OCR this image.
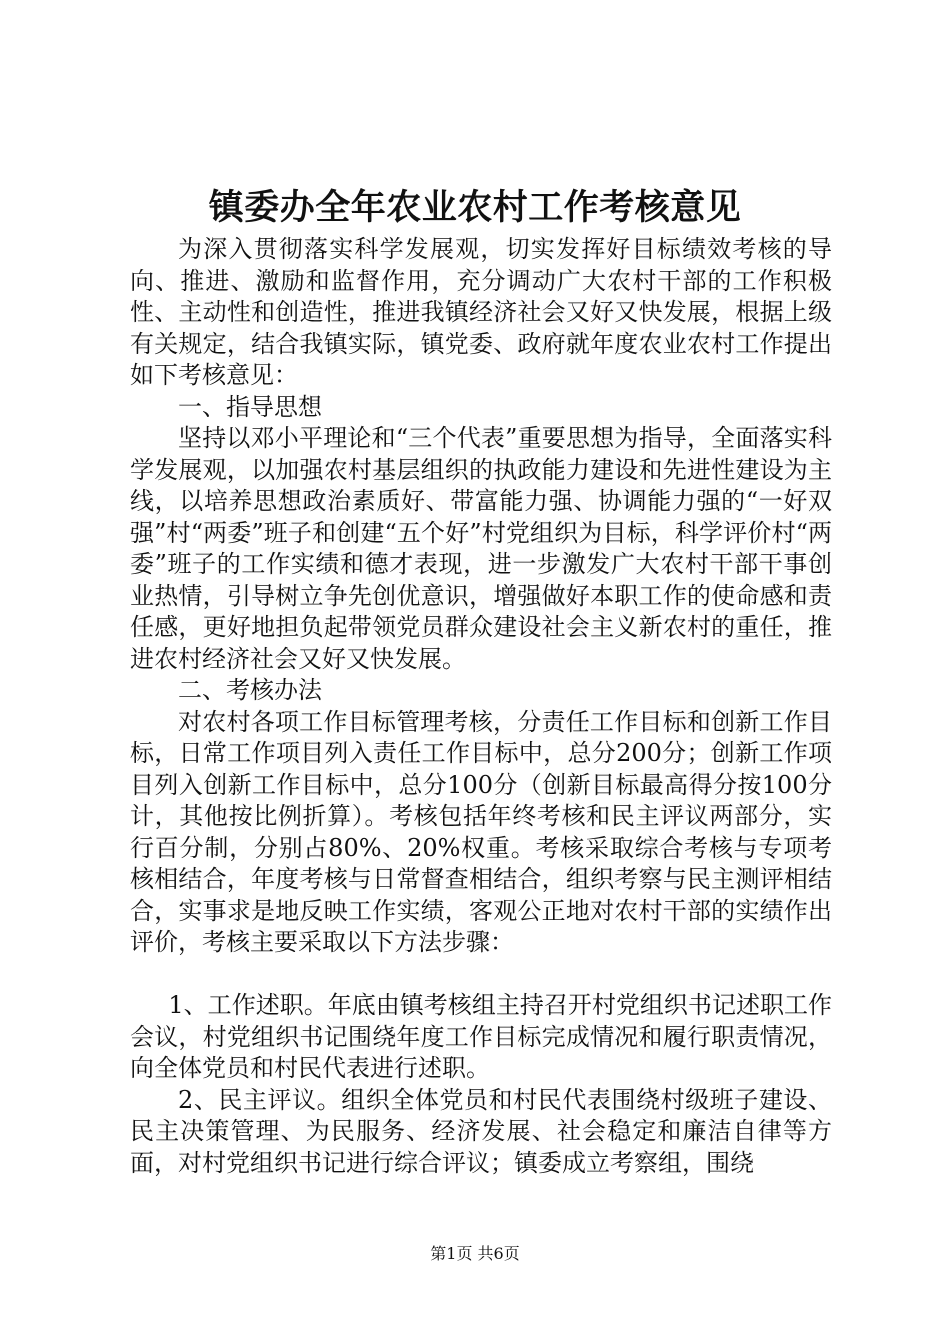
镇委办全年农业农村工作考核意见

为深入贯彻落实科学发展观，切实发挥好目标绩效考核的导向、推进、激励和监督作用，充分调动广大农村干部的工作积极性、主动性和创造性，推进我镇经济社会又好又快发展，根据上级有关规定，结合我镇实际，镇党委、政府就年度农业农村工作提出如下考核意见：

一、指导思想

坚持以邓小平理论和“三个代表”重要思想为指导，全面落实科学发展观，以加强农村基层组织的执政能力建设和先进性建设为主线，以培养思想政治素质好、带富能力强、协调能力强的“一好双强”村“两委”班子和创建“五个好”村党组织为目标，科学评价村“两委”班子的工作实绩和德才表现，进一步激发广大农村干部干事创业热情，引导树立争先创优意识，增强做好本职工作的使命感和责任感，更好地担负起带领党员群众建设社会主义新农村的重任，推进农村经济社会又好又快发展。

二、考核办法

对农村各项工作目标管理考核，分责任工作目标和创新工作目标，日常工作项目列入责任工作目标中，总分200分；创新工作项目列入创新工作目标中，总分100分（创新目标最高得分按100分计，其他按比例折算）。考核包括年终考核和民主评议两部分，实行百分制，分别占80%、20%权重。考核采取综合考核与专项考核相结合，年度考核与日常督查相结合，组织考察与民主测评相结合，实事求是地反映工作实绩，客观公正地对农村干部的实绩作出评价，考核主要采取以下方法步骤：

1、工作述职。年底由镇考核组主持召开村党组织书记述职工作会议，村党组织书记围绕年度工作目标完成情况和履行职责情况，向全体党员和村民代表进行述职。

2、民主评议。组织全体党员和村民代表围绕村级班子建设、民主决策管理、为民服务、经济发展、社会稳定和廉洁自律等方面，对村党组织书记进行综合评议；镇委成立考察组，围绕

第1页 共6页
